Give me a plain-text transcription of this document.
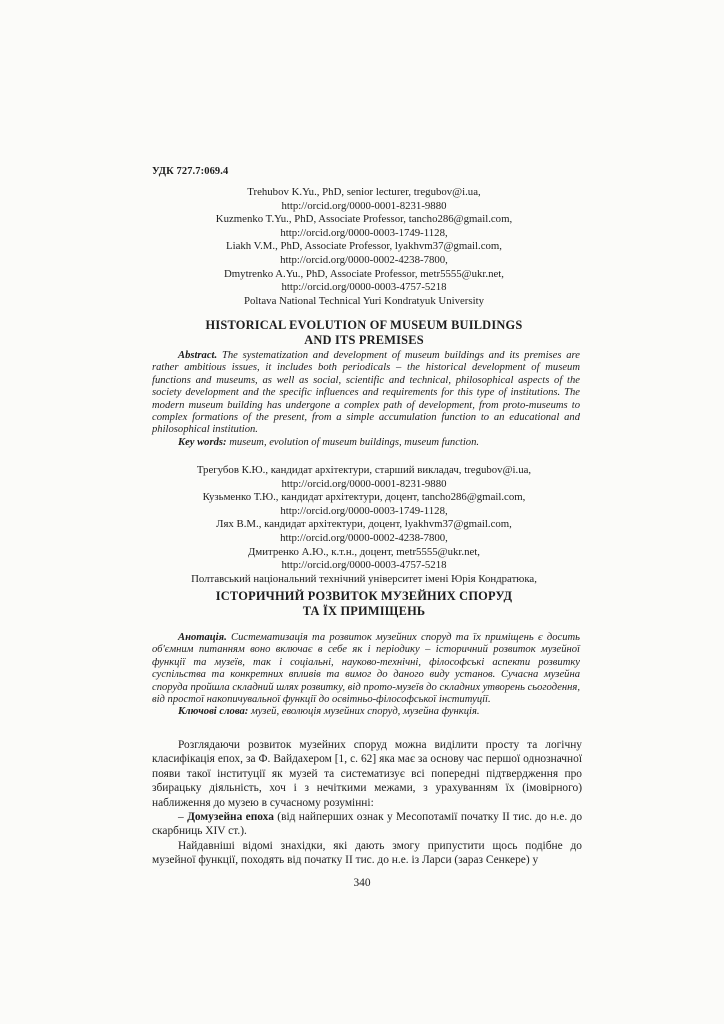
УДК 727.7:069.4
Trehubov K.Yu., PhD, senior lecturer, tregubov@i.ua,
http://orcid.org/0000-0001-8231-9880
Kuzmenko T.Yu., PhD, Associate Professor, tancho286@gmail.com,
http://orcid.org/0000-0003-1749-1128,
Liakh V.M., PhD, Associate Professor, lyakhvm37@gmail.com,
http://orcid.org/0000-0002-4238-7800,
Dmytrenko A.Yu., PhD, Associate Professor, metr5555@ukr.net,
http://orcid.org/0000-0003-4757-5218
Poltava National Technical Yuri Kondratyuk University
HISTORICAL EVOLUTION OF MUSEUM BUILDINGS
AND ITS PREMISES

Abstract. The systematization and development of museum buildings and its premises are rather ambitious issues, it includes both periodicals – the historical development of museum functions and museums, as well as social, scientific and technical, philosophical aspects of the society development and the specific influences and requirements for this type of institutions. The modern museum building has undergone a complex path of development, from proto-museums to complex formations of the present, from a simple accumulation function to an educational and philosophical institution.

Key words: museum, evolution of museum buildings, museum function.

Трегубов К.Ю., кандидат архітектури, старший викладач, tregubov@i.ua,
http://orcid.org/0000-0001-8231-9880
Кузьменко Т.Ю., кандидат архітектури, доцент, tancho286@gmail.com,
http://orcid.org/0000-0003-1749-1128,
Лях В.М., кандидат архітектури, доцент, lyakhvm37@gmail.com,
http://orcid.org/0000-0002-4238-7800,
Дмитренко А.Ю., к.т.н., доцент, metr5555@ukr.net,
http://orcid.org/0000-0003-4757-5218
Полтавський національний технічний університет імені Юрія Кондратюка,
ІСТОРИЧНИЙ РОЗВИТОК МУЗЕЙНИХ СПОРУД
ТА ЇХ ПРИМІЩЕНЬ

Анотація. Систематизація та розвиток музейних споруд та їх приміщень є досить об'ємним питанням воно включає в себе як і періодику – історичний розвиток музейної функції та музеїв, так і соціальні, науково-технічні, філософські аспекти розвитку суспільства та конкретних впливів та вимог до даного виду установ. Сучасна музейна споруда пройшла складний шлях розвитку, від прото-музеїв до складних утворень сьогодення, від простої накопичувальної функції до освітньо-філософської інституції.

Ключові слова: музей, еволюція музейних споруд, музейна функція.

Розглядаючи розвиток музейних споруд можна виділити просту та логічну класифікація епох, за Ф. Вайдахером [1, с. 62] яка має за основу час першої однозначної появи такої інституції як музей та систематизує всі попередні підтвердження про збирацьку діяльність, хоч і з нечіткими межами, з урахуванням їх (імовірного) наближення до музею в сучасному розумінні:

– Домузейна епоха (від найперших ознак у Месопотамії початку II тис. до н.е. до скарбниць XIV ст.).

Найдавніші відомі знахідки, які дають змогу припустити щось подібне до музейної функції, походять від початку II тис. до н.е. із Ларси (зараз Сенкере) у

340
